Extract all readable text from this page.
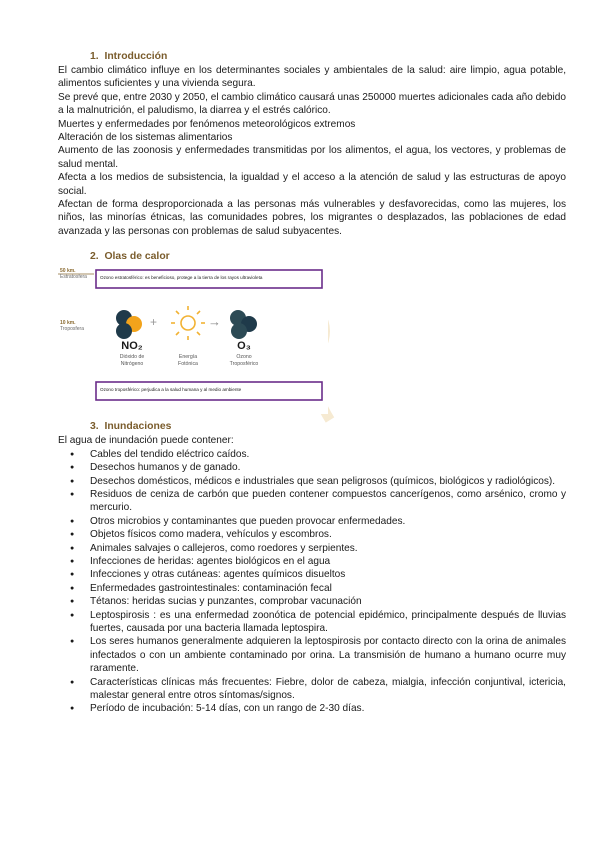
1. Introducción

El cambio climático influye en los determinantes sociales y ambientales de la salud: aire limpio, agua potable, alimentos suficientes y una vivienda segura.

Se prevé que, entre 2030 y 2050, el cambio climático causará unas 250000 muertes adicionales cada año debido a la malnutrición, el paludismo, la diarrea y el estrés calórico.

Muertes y enfermedades por fenómenos meteorológicos extremos

Alteración de los sistemas alimentarios

Aumento de las zoonosis y enfermedades transmitidas por los alimentos, el agua, los vectores, y problemas de salud mental.

Afecta a los medios de subsistencia, la igualdad y el acceso a la atención de salud y las estructuras de apoyo social.

Afectan de forma desproporcionada a las personas más vulnerables y desfavorecidas, como las mujeres, los niños, las minorías étnicas, las comunidades pobres, los migrantes o desplazados, las poblaciones de edad avanzada y las personas con problemas de salud subyacentes.

2. Olas de calor
50 km.
Estratosfera
10 km.
Troposfera
Ozono estratosférico: es beneficioso, protege a la tierra de los rayos ultravioleta
Ozono troposférico: perjudica a la salud humana y al medio ambiente
NO₂
Dióxido de
Nitrógeno
+
Energía
Fotónica
→
O₃
Ozono
Troposférico
3. Inundaciones

El agua de inundación puede contener:

● Cables del tendido eléctrico caídos.
● Desechos humanos y de ganado.
● Desechos domésticos, médicos e industriales que sean peligrosos (químicos, biológicos y radiológicos).
● Residuos de ceniza de carbón que pueden contener compuestos cancerígenos, como arsénico, cromo y mercurio.
● Otros microbios y contaminantes que pueden provocar enfermedades.
● Objetos físicos como madera, vehículos y escombros.
● Animales salvajes o callejeros, como roedores y serpientes.
● Infecciones de heridas: agentes biológicos en el agua
● Infecciones y otras cutáneas: agentes químicos disueltos
● Enfermedades gastrointestinales: contaminación fecal
● Tétanos: heridas sucias y punzantes, comprobar vacunación
● Leptospirosis : es una enfermedad zoonótica de potencial epidémico, principalmente después de lluvias fuertes, causada por una bacteria llamada leptospira.
● Los seres humanos generalmente adquieren la leptospirosis por contacto directo con la orina de animales infectados o con un ambiente contaminado por orina. La transmisión de humano a humano ocurre muy raramente.
● Características clínicas más frecuentes: Fiebre, dolor de cabeza, mialgia, infección conjuntival, ictericia, malestar general entre otros síntomas/signos.
● Período de incubación: 5-14 días, con un rango de 2-30 días.
